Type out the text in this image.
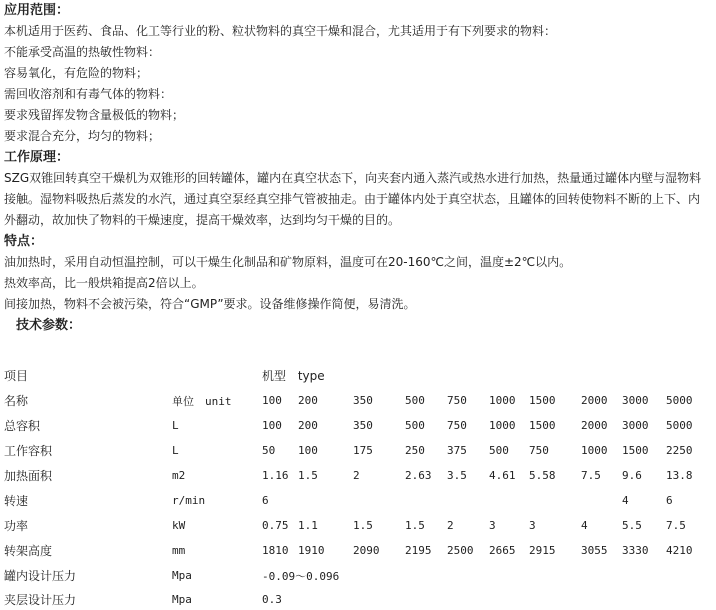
应用范围：
本机适用于医药、食品、化工等行业的粉、粒状物料的真空干燥和混合，尤其适用于有下列要求的物料：
不能承受高温的热敏性物料：
容易氧化，有危险的物料；
需回收溶剂和有毒气体的物料：
要求残留挥发物含量极低的物料；
要求混合充分，均匀的物料；
工作原理：
SZG双锥回转真空干燥机为双锥形的回转罐体，罐内在真空状态下，向夹套内通入蒸汽或热水进行加热，热量通过罐体内壁与湿物料接触。湿物料吸热后蒸发的水汽，通过真空泵经真空排气管被抽走。由于罐体内处于真空状态，且罐体的回转使物料不断的上下、内外翻动，故加快了物料的干燥速度，提高干燥效率，达到均匀干燥的目的。
特点：
油加热时，采用自动恒温控制，可以干燥生化制品和矿物原料，温度可在20-160℃之间，温度±2℃以内。
热效率高，比一般烘箱提高2倍以上。
间接加热，物料不会被污染，符合“GMP”要求。设备维修操作简便，易清洗。
技术参数：
项目		机型 type									
名称	单位　unit	100	200	350	500	750	1000	1500	2000	3000	5000
总容积	L	100	200	350	500	750	1000	1500	2000	3000	5000
工作容积	L	50	100	175	250	375	500	750	1000	1500	2250
加热面积	m2	1.16	1.5	2	2.63	3.5	4.61	5.58	7.5	9.6	13.8
转速	r/min	6								4	6
功率	kW	0.75	1.1	1.5	1.5	2	3	3	4	5.5	7.5
转架高度	mm	1810	1910	2090	2195	2500	2665	2915	3055	3330	4210
罐内设计压力	Mpa	-0.09～0.096									
夹层设计压力	Mpa	0.3									
